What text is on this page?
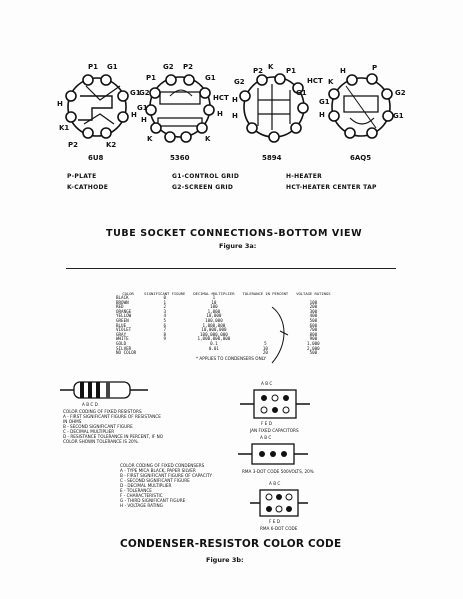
P1 G1
G1
H
H
P2	K2
K1
G2 P2
P1
G2
G1
HCT
H
H
G1
K	K
P2
G2
K P1
G1
HCT
H
H
H	P
K
G2
G1
H	G1
6U8	5360	5894	6AQ5
P-PLATE	G1-CONTROL GRID	H-HEATER
K-CATHODE	G2-SCREEN GRID	HCT-HEATER CENTER TAP
TUBE SOCKET CONNECTIONS-BOTTOM VIEW
Figure 3a:
COLOR	SIGNIFICANT FIGURE	DECIMAL MULTIPLIER	TOLERANCE IN PERCENT	VOLTAGE RATINGS
BLACK	0	1		
BROWN	1	10		100
RED	2	100		200
ORANGE	3	1,000		300
YELLOW	4	10,000		400
GREEN	5	100,000		500
BLUE	6	1,000,000		600
VIOLET	7	10,000,000		700
GRAY	8	100,000,000		800
WHITE	9	1,000,000,000		900
GOLD		0.1	5	1,000
SILVER		0.01	10	2,000
NO COLOR			20	500
* APPLIES TO CONDENSERS ONLY
A B C D
COLOR CODING OF FIXED RESISTORS
A - FIRST SIGNIFICANT FIGURE OF RESISTANCE
IN OHMS
B - SECOND SIGNIFICANT FIGURE
C - DECIMAL MULTIPLIER
D - RESISTANCE TOLERANCE IN PERCENT, IF NO
COLOR SHOWN TOLERANCE IS 20%.
A B C
F E D
JAN FIXED CAPACITORS
A B C
RMA 3-DOT CODE 500VOLTS, 20%
A B C
F E D
RMA 6-DOT CODE
COLOR CODING OF FIXED CONDENSERS
A - TYPE MICA BLACK, PAPER SILVER
B - FIRST SIGNIFICANT FIGURE OF CAPACITY
C - SECOND SIGNIFICANT FIGURE
D - DECIMAL MULTIPLIER
E - TOLERANCE
F - CHARACTERISTIC
G - THIRD SIGNIFICANT FIGURE
H - VOLTAGE RATING
CONDENSER-RESISTOR COLOR CODE
Figure 3b:
